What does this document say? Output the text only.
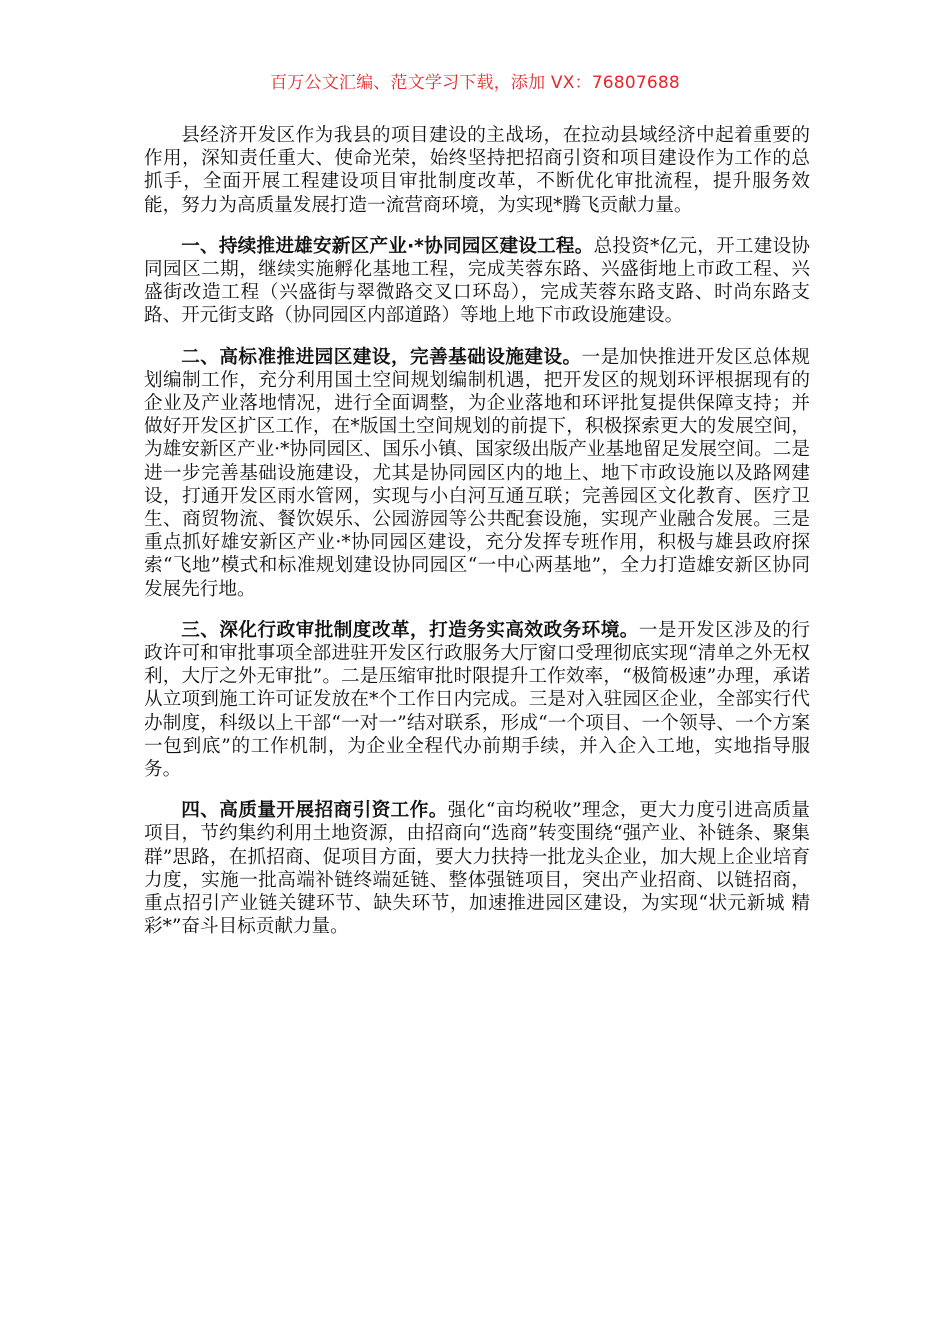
百万公文汇编、范文学习下载，添加 VX：76807688

县经济开发区作为我县的项目建设的主战场，在拉动县域经济中起着重要的作用，深知责任重大、使命光荣，始终坚持把招商引资和项目建设作为工作的总抓手，全面开展工程建设项目审批制度改革，不断优化审批流程，提升服务效能，努力为高质量发展打造一流营商环境，为实现*腾飞贡献力量。

一、持续推进雄安新区产业·*协同园区建设工程。总投资*亿元，开工建设协同园区二期，继续实施孵化基地工程，完成芙蓉东路、兴盛街地上市政工程、兴盛街改造工程（兴盛街与翠微路交叉口环岛），完成芙蓉东路支路、时尚东路支路、开元街支路（协同园区内部道路）等地上地下市政设施建设。

二、高标准推进园区建设，完善基础设施建设。一是加快推进开发区总体规划编制工作，充分利用国土空间规划编制机遇，把开发区的规划环评根据现有的企业及产业落地情况，进行全面调整，为企业落地和环评批复提供保障支持；并做好开发区扩区工作，在*版国土空间规划的前提下，积极探索更大的发展空间，为雄安新区产业·*协同园区、国乐小镇、国家级出版产业基地留足发展空间。二是进一步完善基础设施建设，尤其是协同园区内的地上、地下市政设施以及路网建设，打通开发区雨水管网，实现与小白河互通互联；完善园区文化教育、医疗卫生、商贸物流、餐饮娱乐、公园游园等公共配套设施，实现产业融合发展。三是重点抓好雄安新区产业·*协同园区建设，充分发挥专班作用，积极与雄县政府探索“飞地”模式和标准规划建设协同园区“一中心两基地”，全力打造雄安新区协同发展先行地。

三、深化行政审批制度改革，打造务实高效政务环境。一是开发区涉及的行政许可和审批事项全部进驻开发区行政服务大厅窗口受理彻底实现“清单之外无权利，大厅之外无审批”。二是压缩审批时限提升工作效率，“极简极速”办理，承诺从立项到施工许可证发放在*个工作日内完成。三是对入驻园区企业，全部实行代办制度，科级以上干部“一对一”结对联系，形成“一个项目、一个领导、一个方案一包到底”的工作机制，为企业全程代办前期手续，并入企入工地，实地指导服务。

四、高质量开展招商引资工作。强化“亩均税收”理念，更大力度引进高质量项目，节约集约利用土地资源，由招商向“选商”转变围绕“强产业、补链条、聚集群”思路，在抓招商、促项目方面，要大力扶持一批龙头企业，加大规上企业培育力度，实施一批高端补链终端延链、整体强链项目，突出产业招商、以链招商，重点招引产业链关键环节、缺失环节，加速推进园区建设，为实现“状元新城 精彩*”奋斗目标贡献力量。
